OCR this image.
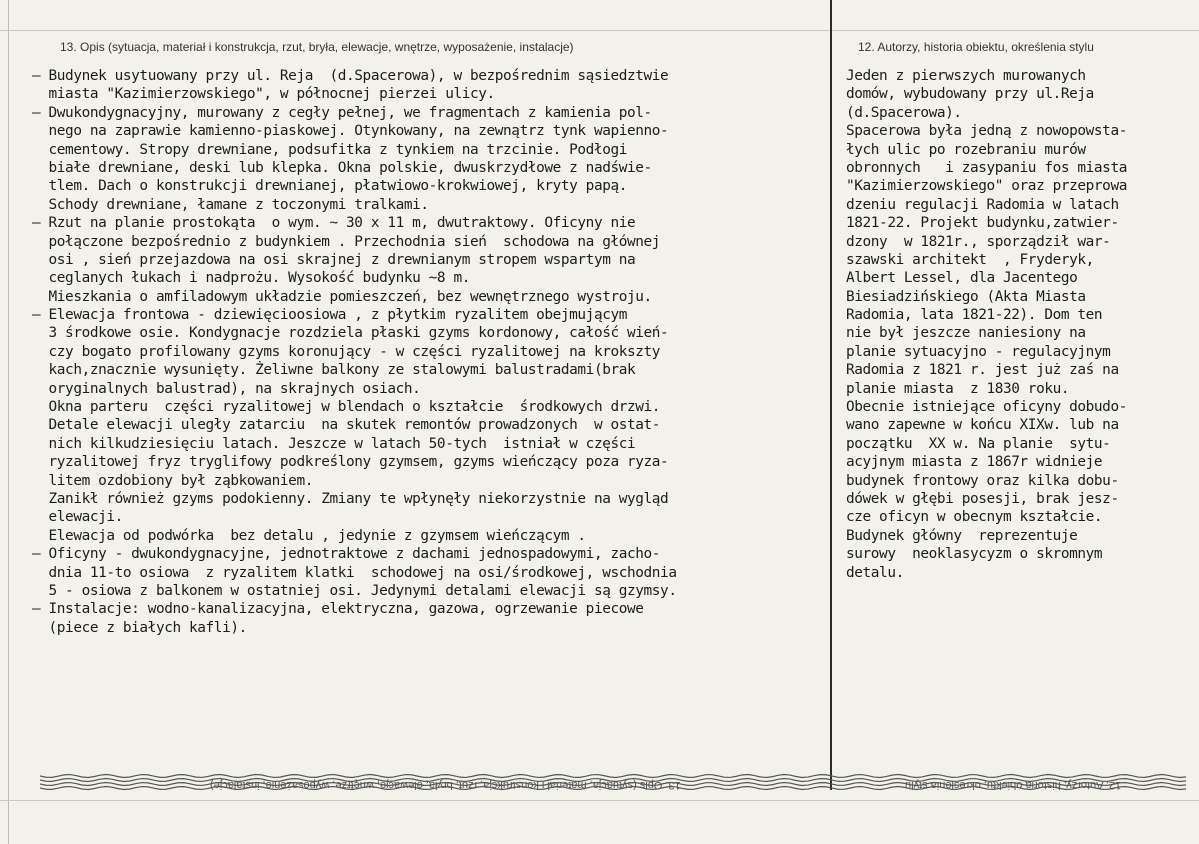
13. Opis (sytuacja, materiał i konstrukcja, rzut, bryła, elewacje, wnętrze, wyposażenie, instalacje)	12. Autorzy, historia obiektu, określenia stylu
– Budynek usytuowany przy ul. Reja  (d.Spacerowa), w bezpośrednim sąsiedztwie
miasta "Kazimierzowskiego", w północnej pierzei ulicy.
– Dwukondygnacyjny, murowany z cegły pełnej, we fragmentach z kamienia pol-
nego na zaprawie kamienno-piaskowej. Otynkowany, na zewnątrz tynk wapienno-
cementowy. Stropy drewniane, podsufitka z tynkiem na trzcinie. Podłogi
białe drewniane, deski lub klepka. Okna polskie, dwuskrzydłowe z nadświe-
tlem. Dach o konstrukcji drewnianej, płatwiowo-krokwiowej, kryty papą.
Schody drewniane, łamane z toczonymi tralkami.
– Rzut na planie prostokąta  o wym. ~ 30 x 11 m, dwutraktowy. Oficyny nie
połączone bezpośrednio z budynkiem . Przechodnia sień  schodowa na głównej
osi , sień przejazdowa na osi skrajnej z drewnianym stropem wspartym na
ceglanych łukach i nadprożu. Wysokość budynku ~8 m.
Mieszkania o amfiladowym układzie pomieszczeń, bez wewnętrznego wystroju.
– Elewacja frontowa - dziewięcioosiowa , z płytkim ryzalitem obejmującym
3 środkowe osie. Kondygnacje rozdziela płaski gzyms kordonowy, całość wień-
czy bogato profilowany gzyms koronujący - w części ryzalitowej na krokszty
kach,znacznie wysunięty. Żeliwne balkony ze stalowymi balustradami(brak
oryginalnych balustrad), na skrajnych osiach.
Okna parteru  części ryzalitowej w blendach o kształcie  środkowych drzwi.
Detale elewacji uległy zatarciu  na skutek remontów prowadzonych  w ostat-
nich kilkudziesięciu latach. Jeszcze w latach 50-tych  istniał w części
ryzalitowej fryz tryglifowy podkreślony gzymsem, gzyms wieńczący poza ryza-
litem ozdobiony był ząbkowaniem.
Zanikł również gzyms podokienny. Zmiany te wpłynęły niekorzystnie na wygląd
elewacji.
Elewacja od podwórka  bez detalu , jedynie z gzymsem wieńczącym .
– Oficyny - dwukondygnacyjne, jednotraktowe z dachami jednospadowymi, zacho-
dnia 11-to osiowa  z ryzalitem klatki  schodowej na osi/środkowej, wschodnia
5 - osiowa z balkonem w ostatniej osi. Jedynymi detalami elewacji są gzymsy.
– Instalacje: wodno-kanalizacyjna, elektryczna, gazowa, ogrzewanie piecowe
(piece z białych kafli).
Jeden z pierwszych murowanych
domów, wybudowany przy ul.Reja
(d.Spacerowa).
Spacerowa była jedną z nowopowsta-
łych ulic po rozebraniu murów
obronnych   i zasypaniu fos miasta
"Kazimierzowskiego" oraz przeprowa
dzeniu regulacji Radomia w latach
1821-22. Projekt budynku,zatwier-
dzony  w 1821r., sporządził war-
szawski architekt  , Fryderyk,
Albert Lessel, dla Jacentego
Biesiadzińskiego (Akta Miasta
Radomia, lata 1821-22). Dom ten
nie był jeszcze naniesiony na
planie sytuacyjno - regulacyjnym
Radomia z 1821 r. jest już zaś na
planie miasta  z 1830 roku.
Obecnie istniejące oficyny dobudo-
wano zapewne w końcu XIXw. lub na
początku  XX w. Na planie  sytu-
acyjnym miasta z 1867r widnieje
budynek frontowy oraz kilka dobu-
dówek w głębi posesji, brak jesz-
cze oficyn w obecnym kształcie.
Budynek główny  reprezentuje
surowy  neoklasycyzm o skromnym
detalu.
13. Opis (sytuacja, materiał i konstrukcja, rzut, bryła, elewacje, wnętrze, wyposażenie, instalacje)	12. Autorzy, historia obiektu, określenia stylu
